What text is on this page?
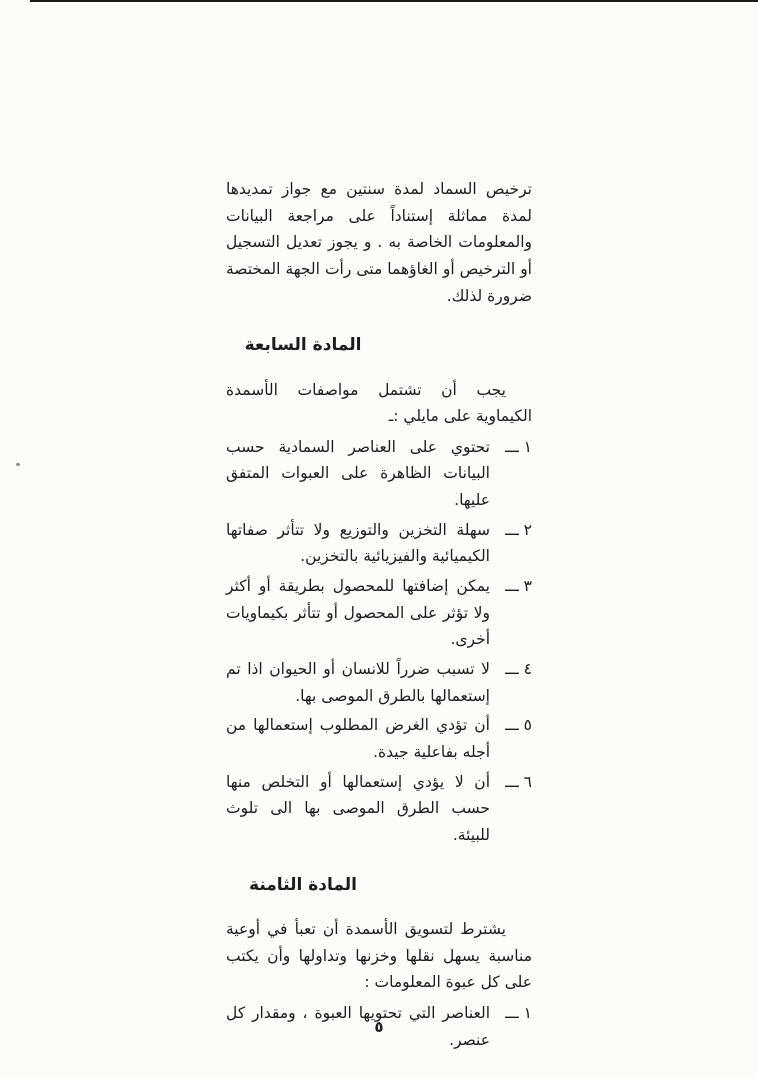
ترخيص السماد لمدة سنتين مع جواز تمديدها لمدة مماثلة إستناداً على مراجعة البيانات والمعلومات الخاصة به . و يجوز تعديل التسجيل أو الترخيص أو الغاؤهما متى رأت الجهة المختصة ضرورة لذلك.

المادة السابعة

يجب أن تشتمل مواصفات الأسمدة الكيماوية على مايلي :ـ

١ ـــ
تحتوي على العناصر السمادية حسب البيانات الظاهرة على العبوات المتفق عليها.
٢ ـــ
سهلة التخزين والتوزيع ولا تتأثر صفاتها الكيميائية والفيزيائية بالتخزين.
٣ ـــ
يمكن إضافتها للمحصول بطريقة أو أكثر ولا تؤثر على المحصول أو تتأثر بكيماويات أخرى.
٤ ـــ
لا تسبب ضرراً للانسان أو الحيوان اذا تم إستعمالها بالطرق الموصى بها.
٥ ـــ
أن تؤدي الغرض المطلوب إستعمالها من أجله بفاعلية جيدة.
٦ ـــ
أن لا يؤدي إستعمالها أو التخلص منها حسب الطرق الموصى بها الى تلوث للبيئة.
المادة الثامنة

يشترط لتسويق الأسمدة أن تعبأ في أوعية مناسبة يسهل نقلها وخزنها وتداولها وأن يكتب على كل عبوة المعلومات :

١ ـــ
العناصر التي تحتويها العبوة ، ومقدار كل عنصر.
٥
